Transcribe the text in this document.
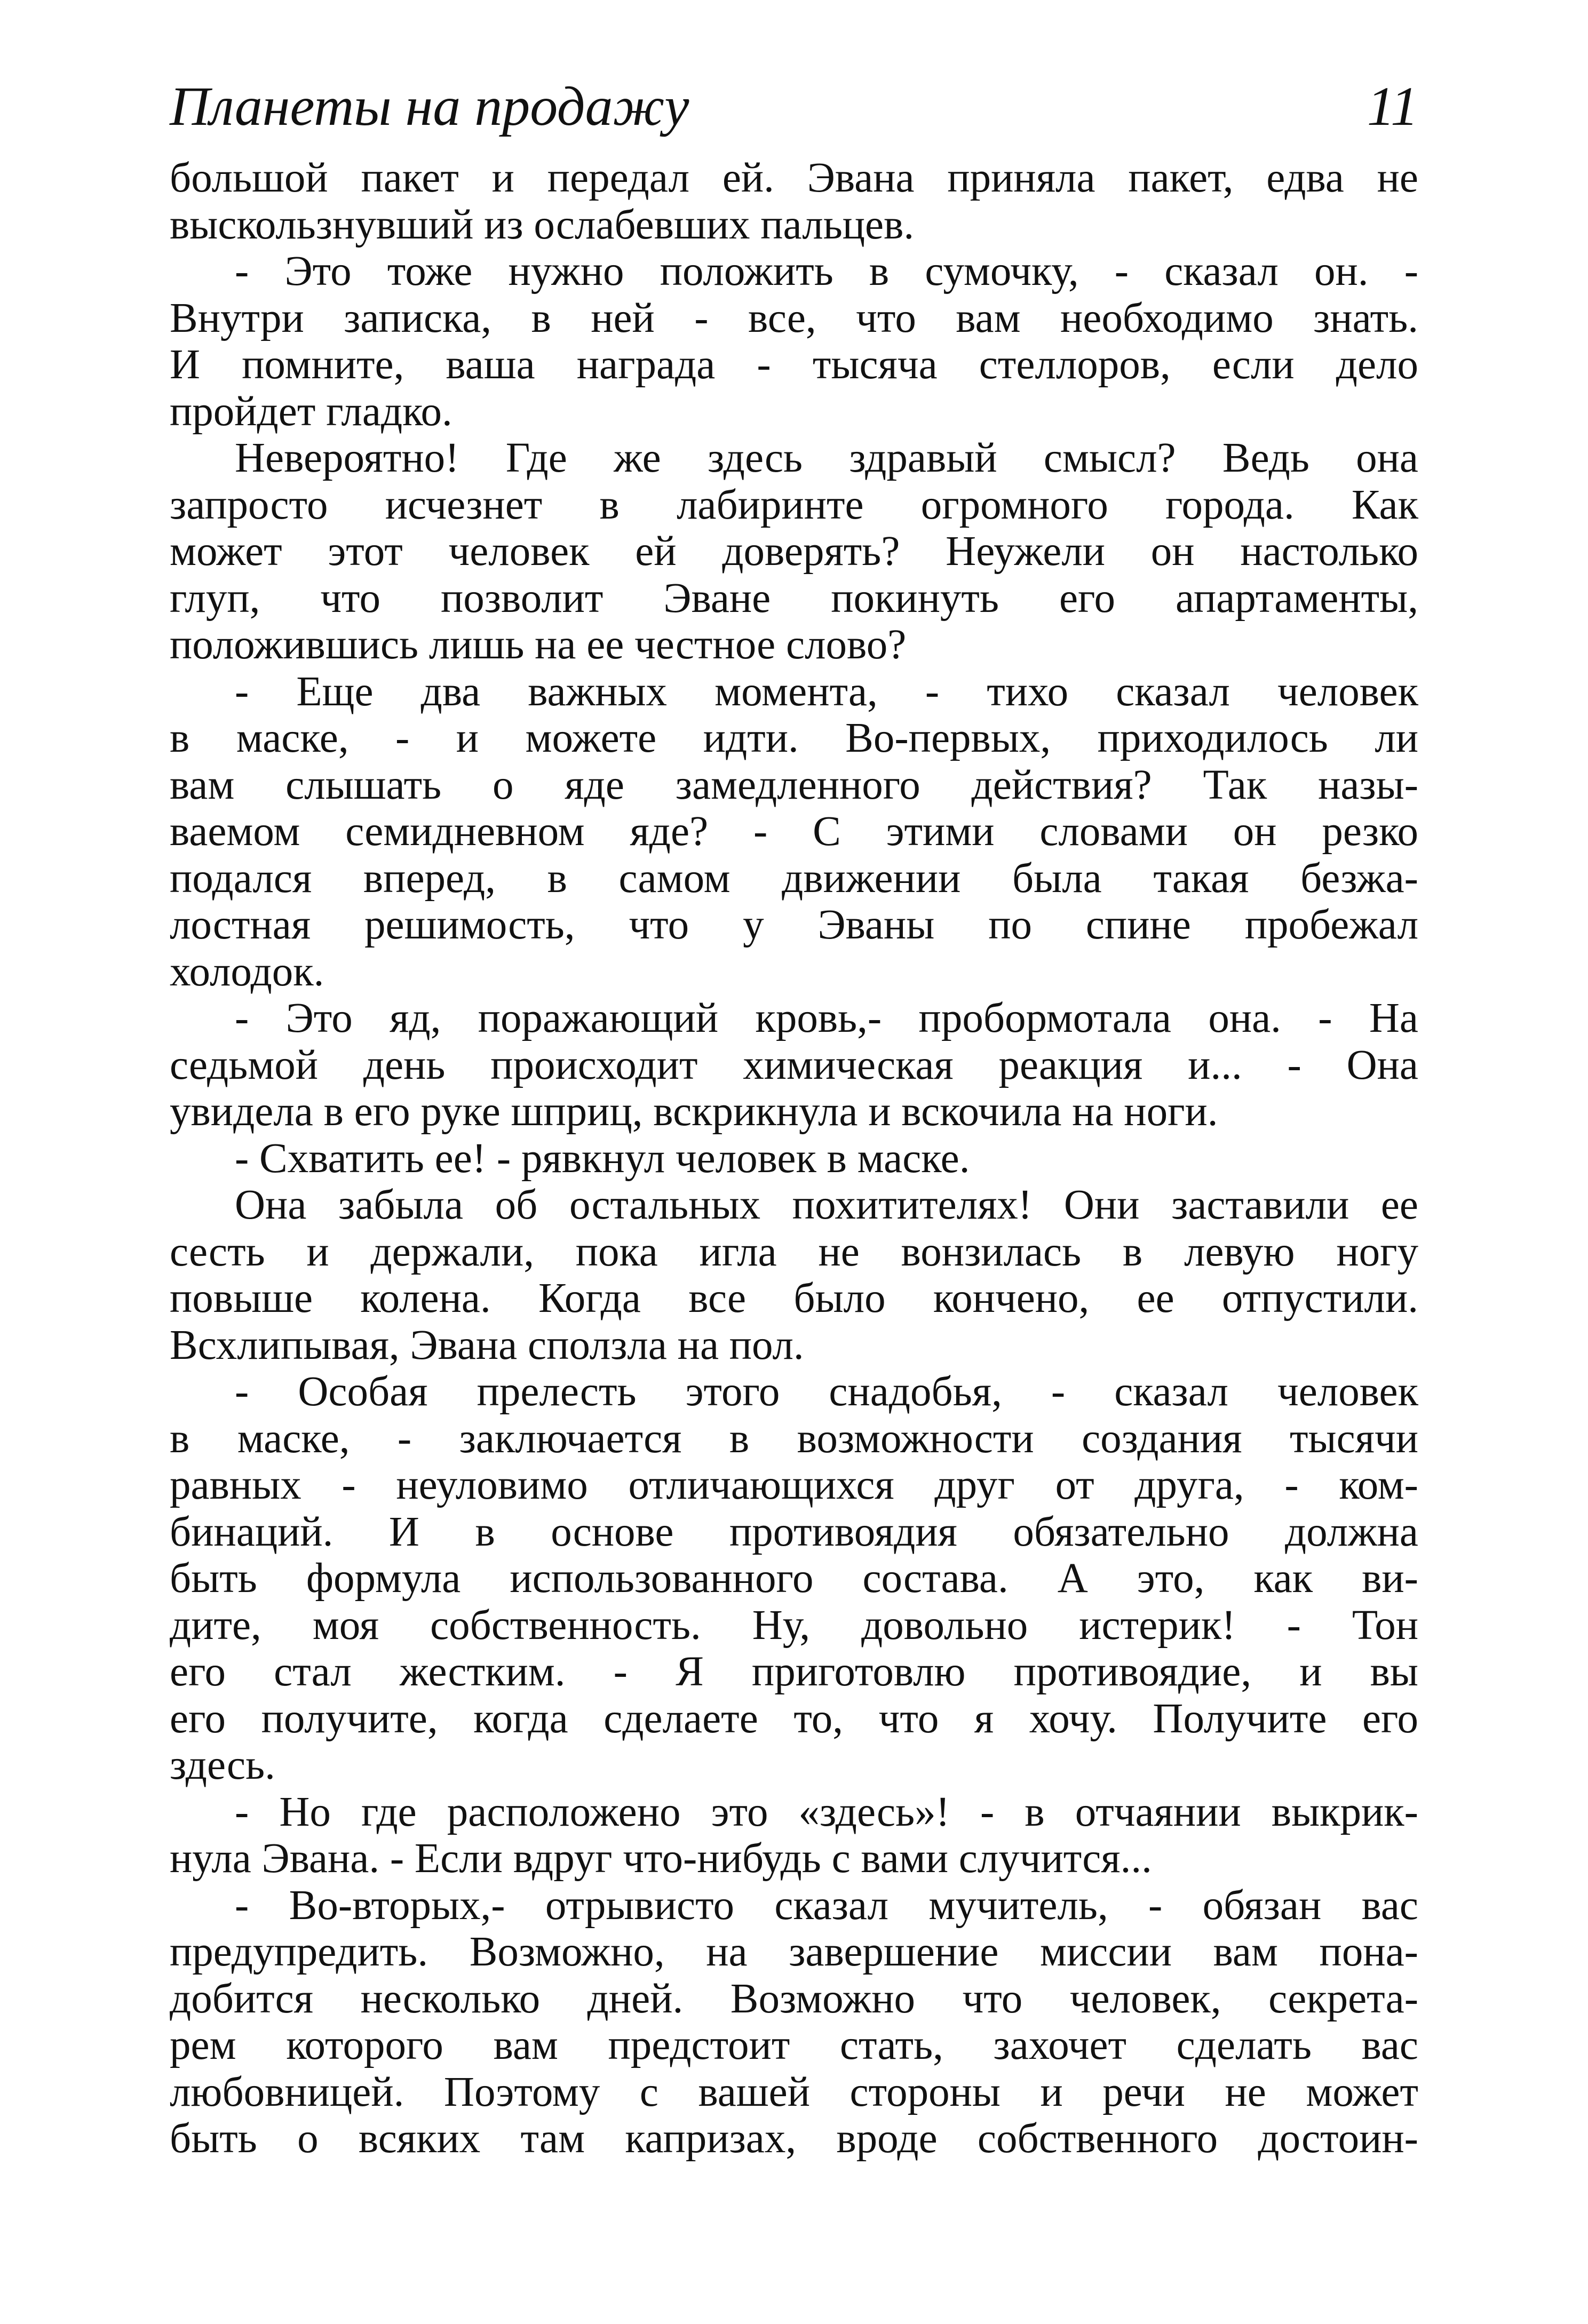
Планеты на продажу	11
большой пакет и передал ей. Эвана приняла пакет, едва не
выскользнувший из ослабевших пальцев.
- Это тоже нужно положить в сумочку, - сказал он. -
Внутри записка, в ней - все, что вам необходимо знать.
И помните, ваша награда - тысяча стеллоров, если дело
пройдет гладко.
Невероятно! Где же здесь здравый смысл? Ведь она
запросто исчезнет в лабиринте огромного города. Как
может этот человек ей доверять? Неужели он настолько
глуп, что позволит Эване покинуть его апартаменты,
положившись лишь на ее честное слово?
- Еще два важных момента, - тихо сказал человек
в маске, - и можете идти. Во-первых, приходилось ли
вам слышать о яде замедленного действия? Так назы-
ваемом семидневном яде? - С этими словами он резко
подался вперед, в самом движении была такая безжа-
лостная решимость, что у Эваны по спине пробежал
холодок.
- Это яд, поражающий кровь,- пробормотала она. - На
седьмой день происходит химическая реакция и... - Она
увидела в его руке шприц, вскрикнула и вскочила на ноги.
- Схватить ее! - рявкнул человек в маске.
Она забыла об остальных похитителях! Они заставили ее
сесть и держали, пока игла не вонзилась в левую ногу
повыше колена. Когда все было кончено, ее отпустили.
Всхлипывая, Эвана сползла на пол.
- Особая прелесть этого снадобья, - сказал человек
в маске, - заключается в возможности создания тысячи
равных - неуловимо отличающихся друг от друга, - ком-
бинаций. И в основе противоядия обязательно должна
быть формула использованного состава. А это, как ви-
дите, моя собственность. Ну, довольно истерик! - Тон
его стал жестким. - Я приготовлю противоядие, и вы
его получите, когда сделаете то, что я хочу. Получите его
здесь.
- Но где расположено это «здесь»! - в отчаянии выкрик-
нула Эвана. - Если вдруг что-нибудь с вами случится...
- Во-вторых,- отрывисто сказал мучитель, - обязан вас
предупредить. Возможно, на завершение миссии вам пона-
добится несколько дней. Возможно что человек, секрета-
рем которого вам предстоит стать, захочет сделать вас
любовницей. Поэтому с вашей стороны и речи не может
быть о всяких там капризах, вроде собственного достоин-
